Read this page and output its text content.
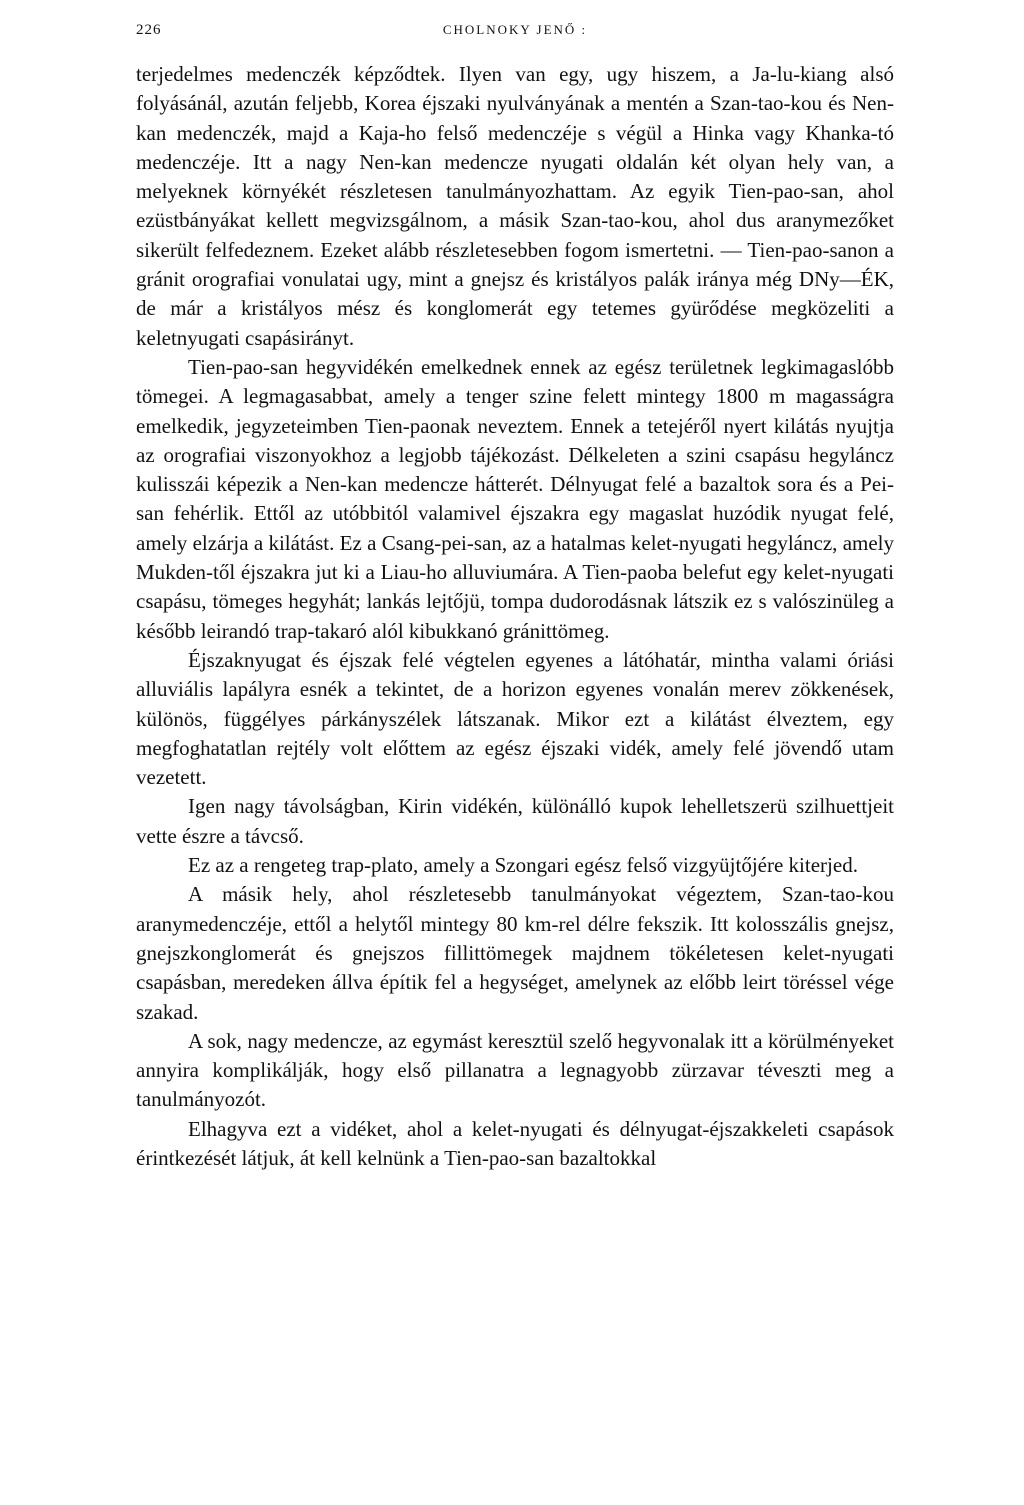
226	CHOLNOKY JENŐ :

terjedelmes medenczék képződtek. Ilyen van egy, ugy hiszem, a Ja-lu-kiang alsó folyásánál, azután feljebb, Korea éjszaki nyulványának a mentén a Szan-tao-kou és Nen-kan medenczék, majd a Kaja-ho felső medenczéje s végül a Hinka vagy Khanka-tó medenczéje. Itt a nagy Nen-kan medencze nyugati oldalán két olyan hely van, a melyeknek környékét részletesen tanulmányozhattam. Az egyik Tien-pao-san, ahol ezüstbányákat kellett megvizsgálnom, a másik Szan-tao-kou, ahol dus aranymezőket sikerült felfedeznem. Ezeket alább részletesebben fogom ismertetni. — Tien-pao-sanon a gránit orografiai vonulatai ugy, mint a gnejsz és kristályos palák iránya még DNy—ÉK, de már a kristályos mész és konglomerát egy tetemes gyürődése megközeliti a keletnyugati csapásirányt.

Tien-pao-san hegyvidékén emelkednek ennek az egész területnek legkimagaslóbb tömegei. A legmagasabbat, amely a tenger szine felett mintegy 1800 m magasságra emelkedik, jegyzeteimben Tien-paonak neveztem. Ennek a tetejéről nyert kilátás nyujtja az orografiai viszonyokhoz a legjobb tájékozást. Délkeleten a szini csapásu hegyláncz kulisszái képezik a Nen-kan medencze hátterét. Délnyugat felé a bazaltok sora és a Pei-san fehérlik. Ettől az utóbbitól valamivel éjszakra egy magaslat huzódik nyugat felé, amely elzárja a kilátást. Ez a Csang-pei-san, az a hatalmas kelet-nyugati hegyláncz, amely Mukden-től éjszakra jut ki a Liau-ho alluviumára. A Tien-paoba belefut egy kelet-nyugati csapásu, tömeges hegyhát; lankás lejtőjü, tompa dudorodásnak látszik ez s valószinüleg a később leirandó trap-takaró alól kibukkanó gránittömeg.

Éjszaknyugat és éjszak felé végtelen egyenes a látóhatár, mintha valami óriási alluviális lapályra esnék a tekintet, de a horizon egyenes vonalán merev zökkenések, különös, függélyes párkányszélek látszanak. Mikor ezt a kilátást élveztem, egy megfoghatatlan rejtély volt előttem az egész éjszaki vidék, amely felé jövendő utam vezetett.

Igen nagy távolságban, Kirin vidékén, különálló kupok lehelletszerü szilhuettjeit vette észre a távcső.

Ez az a rengeteg trap-plato, amely a Szongari egész felső vizgyüjtőjére kiterjed.

A másik hely, ahol részletesebb tanulmányokat végeztem, Szan-tao-kou aranymedenczéje, ettől a helytől mintegy 80 km-rel délre fekszik. Itt kolosszális gnejsz, gnejszkonglomerát és gnejszos fillittömegek majdnem tökéletesen kelet-nyugati csapásban, meredeken állva építik fel a hegységet, amelynek az előbb leirt töréssel vége szakad.

A sok, nagy medencze, az egymást keresztül szelő hegyvonalak itt a körülményeket annyira komplikálják, hogy első pillanatra a legnagyobb zürzavar téveszti meg a tanulmányozót.

Elhagyva ezt a vidéket, ahol a kelet-nyugati és délnyugat-éjszakkeleti csapások érintkezését látjuk, át kell kelnünk a Tien-pao-san bazaltokkal
